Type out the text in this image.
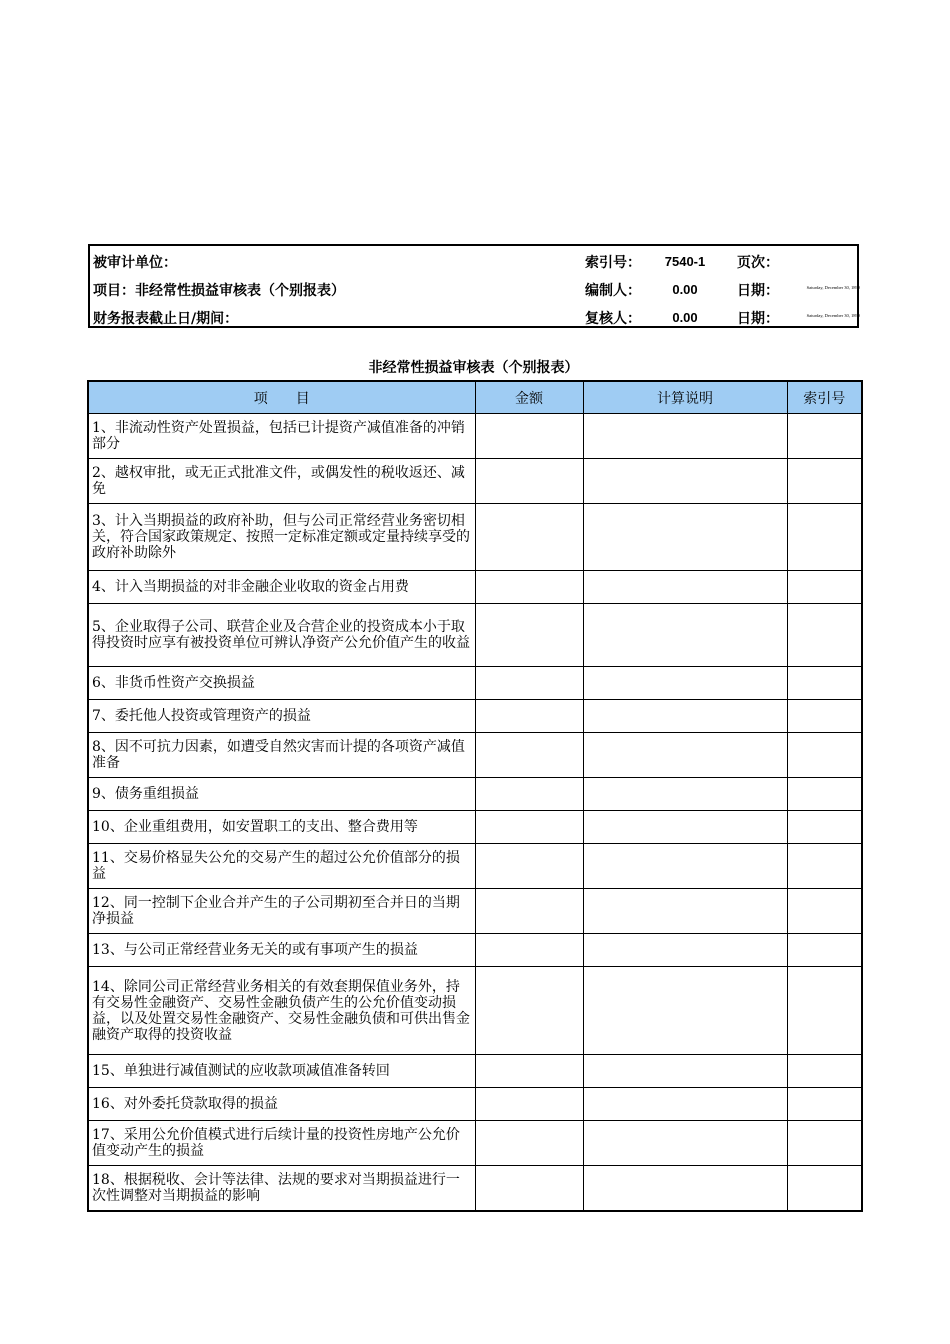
被审计单位：	索引号：	7540-1	页次：
项目：非经常性损益审核表（个别报表）	编制人：	0.00	日期：	Saturday, December 30, 1899
财务报表截止日/期间：	复核人：	0.00	日期：	Saturday, December 30, 1899
非经常性损益审核表（个别报表）
项　　目	金额	计算说明	索引号
1、非流动性资产处置损益，包括已计提资产减值准备的冲销部分			
2、越权审批，或无正式批准文件，或偶发性的税收返还、减免			
3、计入当期损益的政府补助，但与公司正常经营业务密切相关，符合国家政策规定、按照一定标准定额或定量持续享受的政府补助除外			
4、计入当期损益的对非金融企业收取的资金占用费			
5、企业取得子公司、联营企业及合营企业的投资成本小于取得投资时应享有被投资单位可辨认净资产公允价值产生的收益			
6、非货币性资产交换损益			
7、委托他人投资或管理资产的损益			
8、因不可抗力因素，如遭受自然灾害而计提的各项资产减值准备			
9、债务重组损益			
10、企业重组费用，如安置职工的支出、整合费用等			
11、交易价格显失公允的交易产生的超过公允价值部分的损益			
12、同一控制下企业合并产生的子公司期初至合并日的当期净损益			
13、与公司正常经营业务无关的或有事项产生的损益			
14、除同公司正常经营业务相关的有效套期保值业务外，持有交易性金融资产、交易性金融负债产生的公允价值变动损益，以及处置交易性金融资产、交易性金融负债和可供出售金融资产取得的投资收益			
15、单独进行减值测试的应收款项减值准备转回			
16、对外委托贷款取得的损益			
17、采用公允价值模式进行后续计量的投资性房地产公允价值变动产生的损益			
18、根据税收、会计等法律、法规的要求对当期损益进行一次性调整对当期损益的影响			
